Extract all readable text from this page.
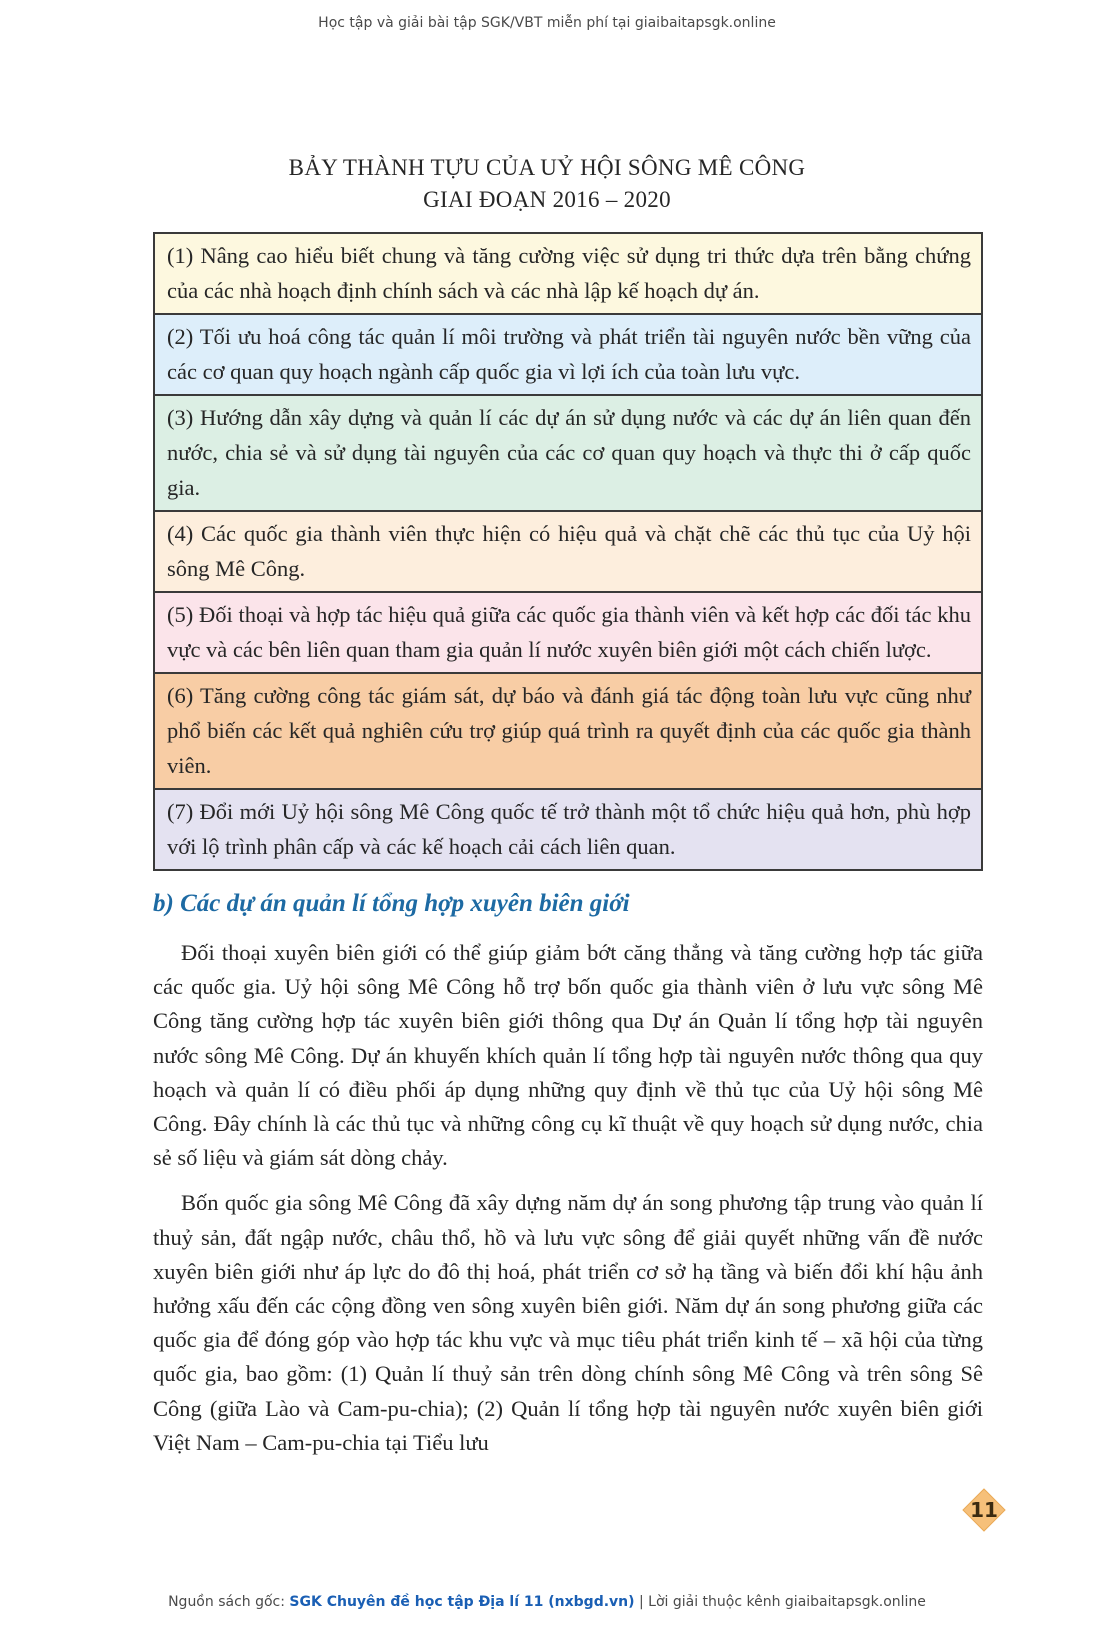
Học tập và giải bài tập SGK/VBT miễn phí tại giaibaitapsgk.online
BẢY THÀNH TỰU CỦA UỶ HỘI SÔNG MÊ CÔNG
GIAI ĐOẠN 2016 – 2020
(1) Nâng cao hiểu biết chung và tăng cường việc sử dụng tri thức dựa trên bằng chứng của các nhà hoạch định chính sách và các nhà lập kế hoạch dự án.
(2) Tối ưu hoá công tác quản lí môi trường và phát triển tài nguyên nước bền vững của các cơ quan quy hoạch ngành cấp quốc gia vì lợi ích của toàn lưu vực.
(3) Hướng dẫn xây dựng và quản lí các dự án sử dụng nước và các dự án liên quan đến nước, chia sẻ và sử dụng tài nguyên của các cơ quan quy hoạch và thực thi ở cấp quốc gia.
(4) Các quốc gia thành viên thực hiện có hiệu quả và chặt chẽ các thủ tục của Uỷ hội sông Mê Công.
(5) Đối thoại và hợp tác hiệu quả giữa các quốc gia thành viên và kết hợp các đối tác khu vực và các bên liên quan tham gia quản lí nước xuyên biên giới một cách chiến lược.
(6) Tăng cường công tác giám sát, dự báo và đánh giá tác động toàn lưu vực cũng như phổ biến các kết quả nghiên cứu trợ giúp quá trình ra quyết định của các quốc gia thành viên.
(7) Đổi mới Uỷ hội sông Mê Công quốc tế trở thành một tổ chức hiệu quả hơn, phù hợp với lộ trình phân cấp và các kế hoạch cải cách liên quan.
b) Các dự án quản lí tổng hợp xuyên biên giới

Đối thoại xuyên biên giới có thể giúp giảm bớt căng thẳng và tăng cường hợp tác giữa các quốc gia. Uỷ hội sông Mê Công hỗ trợ bốn quốc gia thành viên ở lưu vực sông Mê Công tăng cường hợp tác xuyên biên giới thông qua Dự án Quản lí tổng hợp tài nguyên nước sông Mê Công. Dự án khuyến khích quản lí tổng hợp tài nguyên nước thông qua quy hoạch và quản lí có điều phối áp dụng những quy định về thủ tục của Uỷ hội sông Mê Công. Đây chính là các thủ tục và những công cụ kĩ thuật về quy hoạch sử dụng nước, chia sẻ số liệu và giám sát dòng chảy.

Bốn quốc gia sông Mê Công đã xây dựng năm dự án song phương tập trung vào quản lí thuỷ sản, đất ngập nước, châu thổ, hồ và lưu vực sông để giải quyết những vấn đề nước xuyên biên giới như áp lực do đô thị hoá, phát triển cơ sở hạ tầng và biến đổi khí hậu ảnh hưởng xấu đến các cộng đồng ven sông xuyên biên giới. Năm dự án song phương giữa các quốc gia để đóng góp vào hợp tác khu vực và mục tiêu phát triển kinh tế – xã hội của từng quốc gia, bao gồm: (1) Quản lí thuỷ sản trên dòng chính sông Mê Công và trên sông Sê Công (giữa Lào và Cam-pu-chia); (2) Quản lí tổng hợp tài nguyên nước xuyên biên giới Việt Nam – Cam-pu-chia tại Tiểu lưu

11
Nguồn sách gốc: SGK Chuyên đề học tập Địa lí 11 (nxbgd.vn) | Lời giải thuộc kênh giaibaitapsgk.online
